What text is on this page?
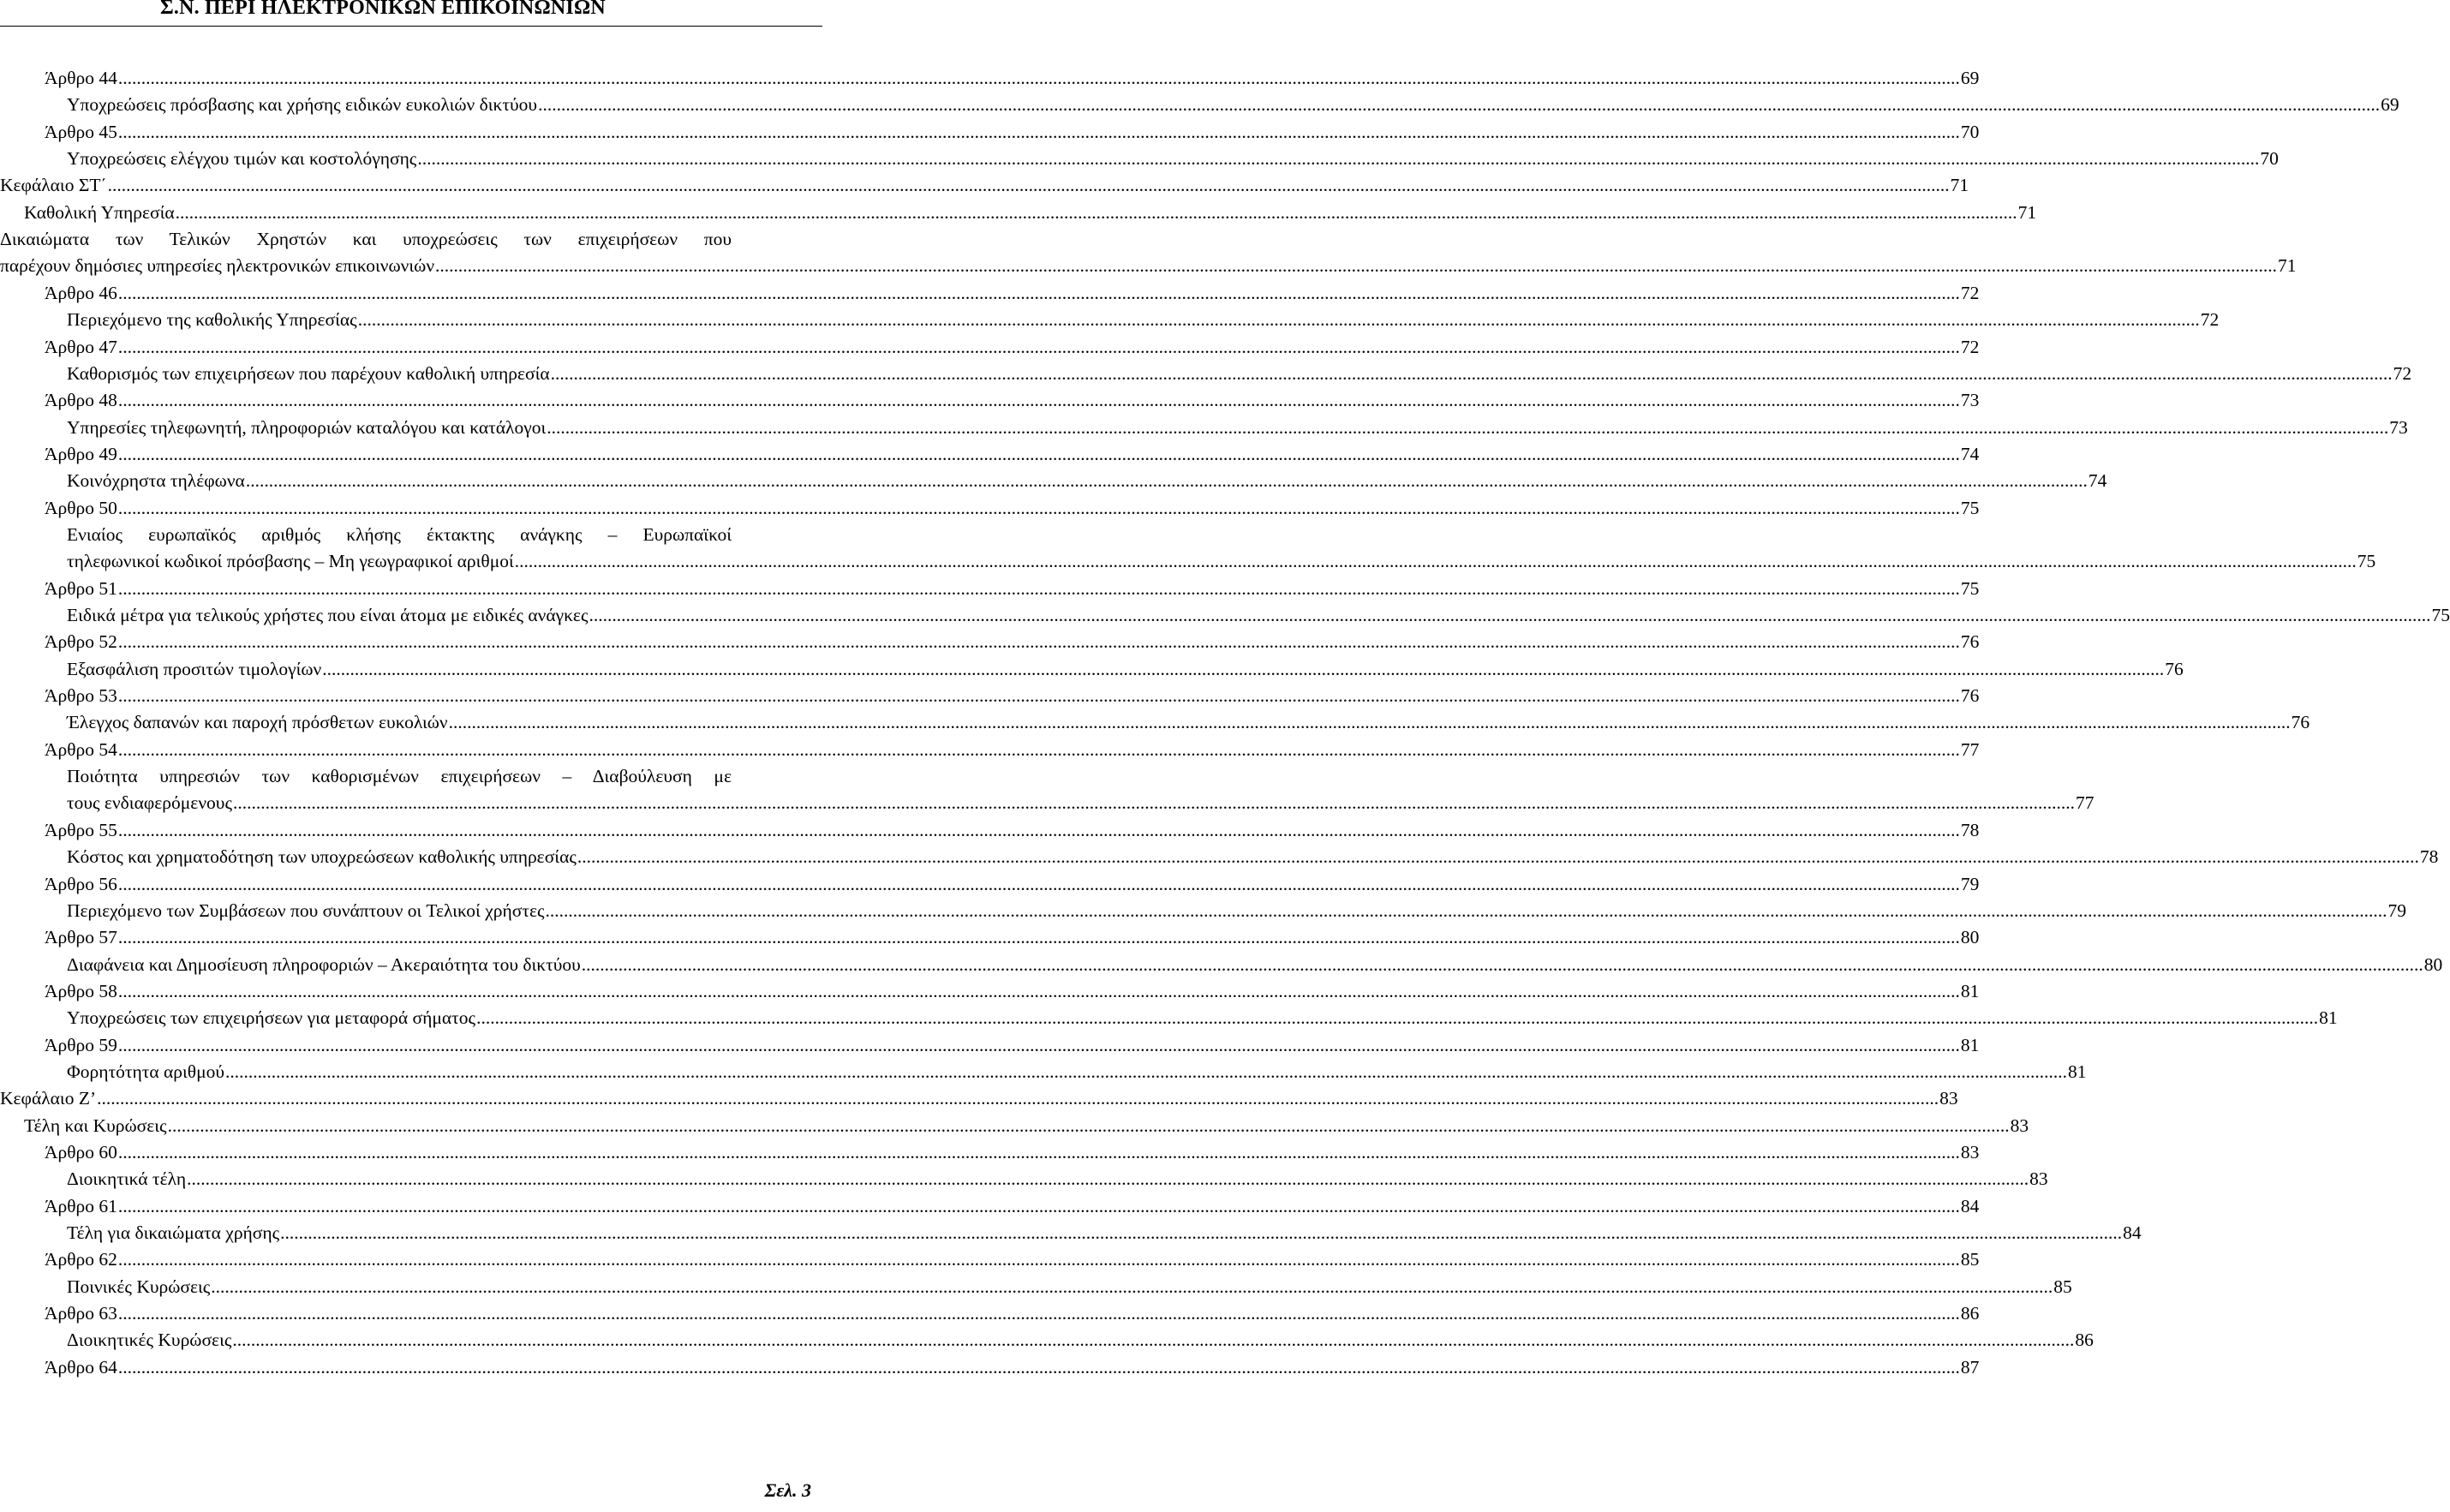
Σ.Ν. ΠΕΡΙ ΗΛΕΚΤΡΟΝΙΚΩΝ ΕΠΙΚΟΙΝΩΝΙΩΝ
Άρθρο 44 ................................................................................................................................................................................................................................................................................................................................................................................................................ 69
Υποχρεώσεις πρόσβασης και χρήσης ειδικών ευκολιών δικτύου ................................................................................................................................................................................................................................................................................................................................................................................................................ 69
Άρθρο 45 ................................................................................................................................................................................................................................................................................................................................................................................................................ 70
Υποχρεώσεις ελέγχου τιμών και κοστολόγησης ................................................................................................................................................................................................................................................................................................................................................................................................................ 70
Κεφάλαιο ΣΤ΄ ................................................................................................................................................................................................................................................................................................................................................................................................................ 71
Καθολική Υπηρεσία ................................................................................................................................................................................................................................................................................................................................................................................................................ 71
Δικαιώματα των Τελικών Χρηστών και υποχρεώσεις των επιχειρήσεων που
παρέχουν δημόσιες υπηρεσίες ηλεκτρονικών επικοινωνιών ................................................................................................................................................................................................................................................................................................................................................................................................................ 71
Άρθρο 46 ................................................................................................................................................................................................................................................................................................................................................................................................................ 72
Περιεχόμενο της καθολικής Υπηρεσίας ................................................................................................................................................................................................................................................................................................................................................................................................................ 72
Άρθρο 47 ................................................................................................................................................................................................................................................................................................................................................................................................................ 72
Καθορισμός των επιχειρήσεων που παρέχουν καθολική υπηρεσία ................................................................................................................................................................................................................................................................................................................................................................................................................ 72
Άρθρο 48 ................................................................................................................................................................................................................................................................................................................................................................................................................ 73
Υπηρεσίες τηλεφωνητή, πληροφοριών καταλόγου και κατάλογοι ................................................................................................................................................................................................................................................................................................................................................................................................................ 73
Άρθρο 49 ................................................................................................................................................................................................................................................................................................................................................................................................................ 74
Κοινόχρηστα τηλέφωνα ................................................................................................................................................................................................................................................................................................................................................................................................................ 74
Άρθρο 50 ................................................................................................................................................................................................................................................................................................................................................................................................................ 75
Ενιαίος ευρωπαϊκός αριθμός κλήσης έκτακτης ανάγκης – Ευρωπαϊκοί
τηλεφωνικοί κωδικοί πρόσβασης – Μη γεωγραφικοί αριθμοί ................................................................................................................................................................................................................................................................................................................................................................................................................ 75
Άρθρο 51 ................................................................................................................................................................................................................................................................................................................................................................................................................ 75
Ειδικά μέτρα για τελικούς χρήστες που είναι άτομα με ειδικές ανάγκες ................................................................................................................................................................................................................................................................................................................................................................................................................ 75
Άρθρο 52 ................................................................................................................................................................................................................................................................................................................................................................................................................ 76
Εξασφάλιση προσιτών τιμολογίων ................................................................................................................................................................................................................................................................................................................................................................................................................ 76
Άρθρο 53 ................................................................................................................................................................................................................................................................................................................................................................................................................ 76
Έλεγχος δαπανών και παροχή πρόσθετων ευκολιών ................................................................................................................................................................................................................................................................................................................................................................................................................ 76
Άρθρο 54 ................................................................................................................................................................................................................................................................................................................................................................................................................ 77
Ποιότητα υπηρεσιών των καθορισμένων επιχειρήσεων – Διαβούλευση με
τους ενδιαφερόμενους ................................................................................................................................................................................................................................................................................................................................................................................................................ 77
Άρθρο 55 ................................................................................................................................................................................................................................................................................................................................................................................................................ 78
Κόστος και χρηματοδότηση των υποχρεώσεων καθολικής υπηρεσίας ................................................................................................................................................................................................................................................................................................................................................................................................................ 78
Άρθρο 56 ................................................................................................................................................................................................................................................................................................................................................................................................................ 79
Περιεχόμενο των Συμβάσεων που συνάπτουν οι Τελικοί χρήστες ................................................................................................................................................................................................................................................................................................................................................................................................................ 79
Άρθρο 57 ................................................................................................................................................................................................................................................................................................................................................................................................................ 80
Διαφάνεια και Δημοσίευση πληροφοριών – Ακεραιότητα του δικτύου ................................................................................................................................................................................................................................................................................................................................................................................................................ 80
Άρθρο 58 ................................................................................................................................................................................................................................................................................................................................................................................................................ 81
Υποχρεώσεις των επιχειρήσεων για μεταφορά σήματος ................................................................................................................................................................................................................................................................................................................................................................................................................ 81
Άρθρο 59 ................................................................................................................................................................................................................................................................................................................................................................................................................ 81
Φορητότητα αριθμού ................................................................................................................................................................................................................................................................................................................................................................................................................ 81
Κεφάλαιο Ζ’ ................................................................................................................................................................................................................................................................................................................................................................................................................ 83
Τέλη και Κυρώσεις ................................................................................................................................................................................................................................................................................................................................................................................................................ 83
Άρθρο 60 ................................................................................................................................................................................................................................................................................................................................................................................................................ 83
Διοικητικά τέλη ................................................................................................................................................................................................................................................................................................................................................................................................................ 83
Άρθρο 61 ................................................................................................................................................................................................................................................................................................................................................................................................................ 84
Τέλη για δικαιώματα χρήσης ................................................................................................................................................................................................................................................................................................................................................................................................................ 84
Άρθρο 62 ................................................................................................................................................................................................................................................................................................................................................................................................................ 85
Ποινικές Κυρώσεις ................................................................................................................................................................................................................................................................................................................................................................................................................ 85
Άρθρο 63 ................................................................................................................................................................................................................................................................................................................................................................................................................ 86
Διοικητικές Κυρώσεις ................................................................................................................................................................................................................................................................................................................................................................................................................ 86
Άρθρο 64 ................................................................................................................................................................................................................................................................................................................................................................................................................ 87
Σελ. 3
